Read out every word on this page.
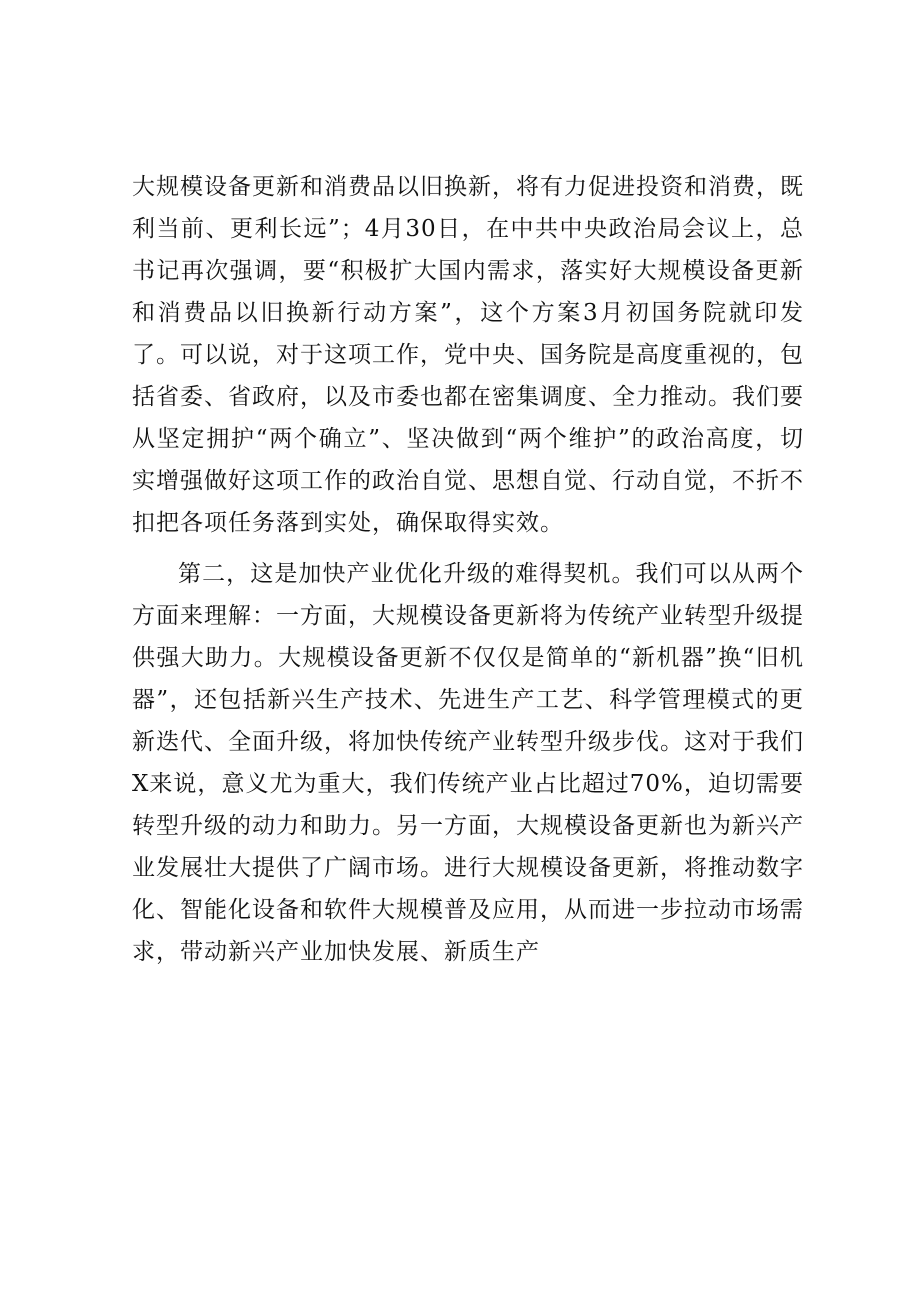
大规模设备更新和消费品以旧换新，将有力促进投资和消费，既利当前、更利长远”；4月30日，在中共中央政治局会议上，总书记再次强调，要“积极扩大国内需求，落实好大规模设备更新和消费品以旧换新行动方案”，这个方案3月初国务院就印发了。可以说，对于这项工作，党中央、国务院是高度重视的，包括省委、省政府，以及市委也都在密集调度、全力推动。我们要从坚定拥护“两个确立”、坚决做到“两个维护”的政治高度，切实增强做好这项工作的政治自觉、思想自觉、行动自觉，不折不扣把各项任务落到实处，确保取得实效。

第二，这是加快产业优化升级的难得契机。我们可以从两个方面来理解：一方面，大规模设备更新将为传统产业转型升级提供强大助力。大规模设备更新不仅仅是简单的“新机器”换“旧机器”，还包括新兴生产技术、先进生产工艺、科学管理模式的更新迭代、全面升级，将加快传统产业转型升级步伐。这对于我们X来说，意义尤为重大，我们传统产业占比超过70%，迫切需要转型升级的动力和助力。另一方面，大规模设备更新也为新兴产业发展壮大提供了广阔市场。进行大规模设备更新，将推动数字化、智能化设备和软件大规模普及应用，从而进一步拉动市场需求，带动新兴产业加快发展、新质生产
